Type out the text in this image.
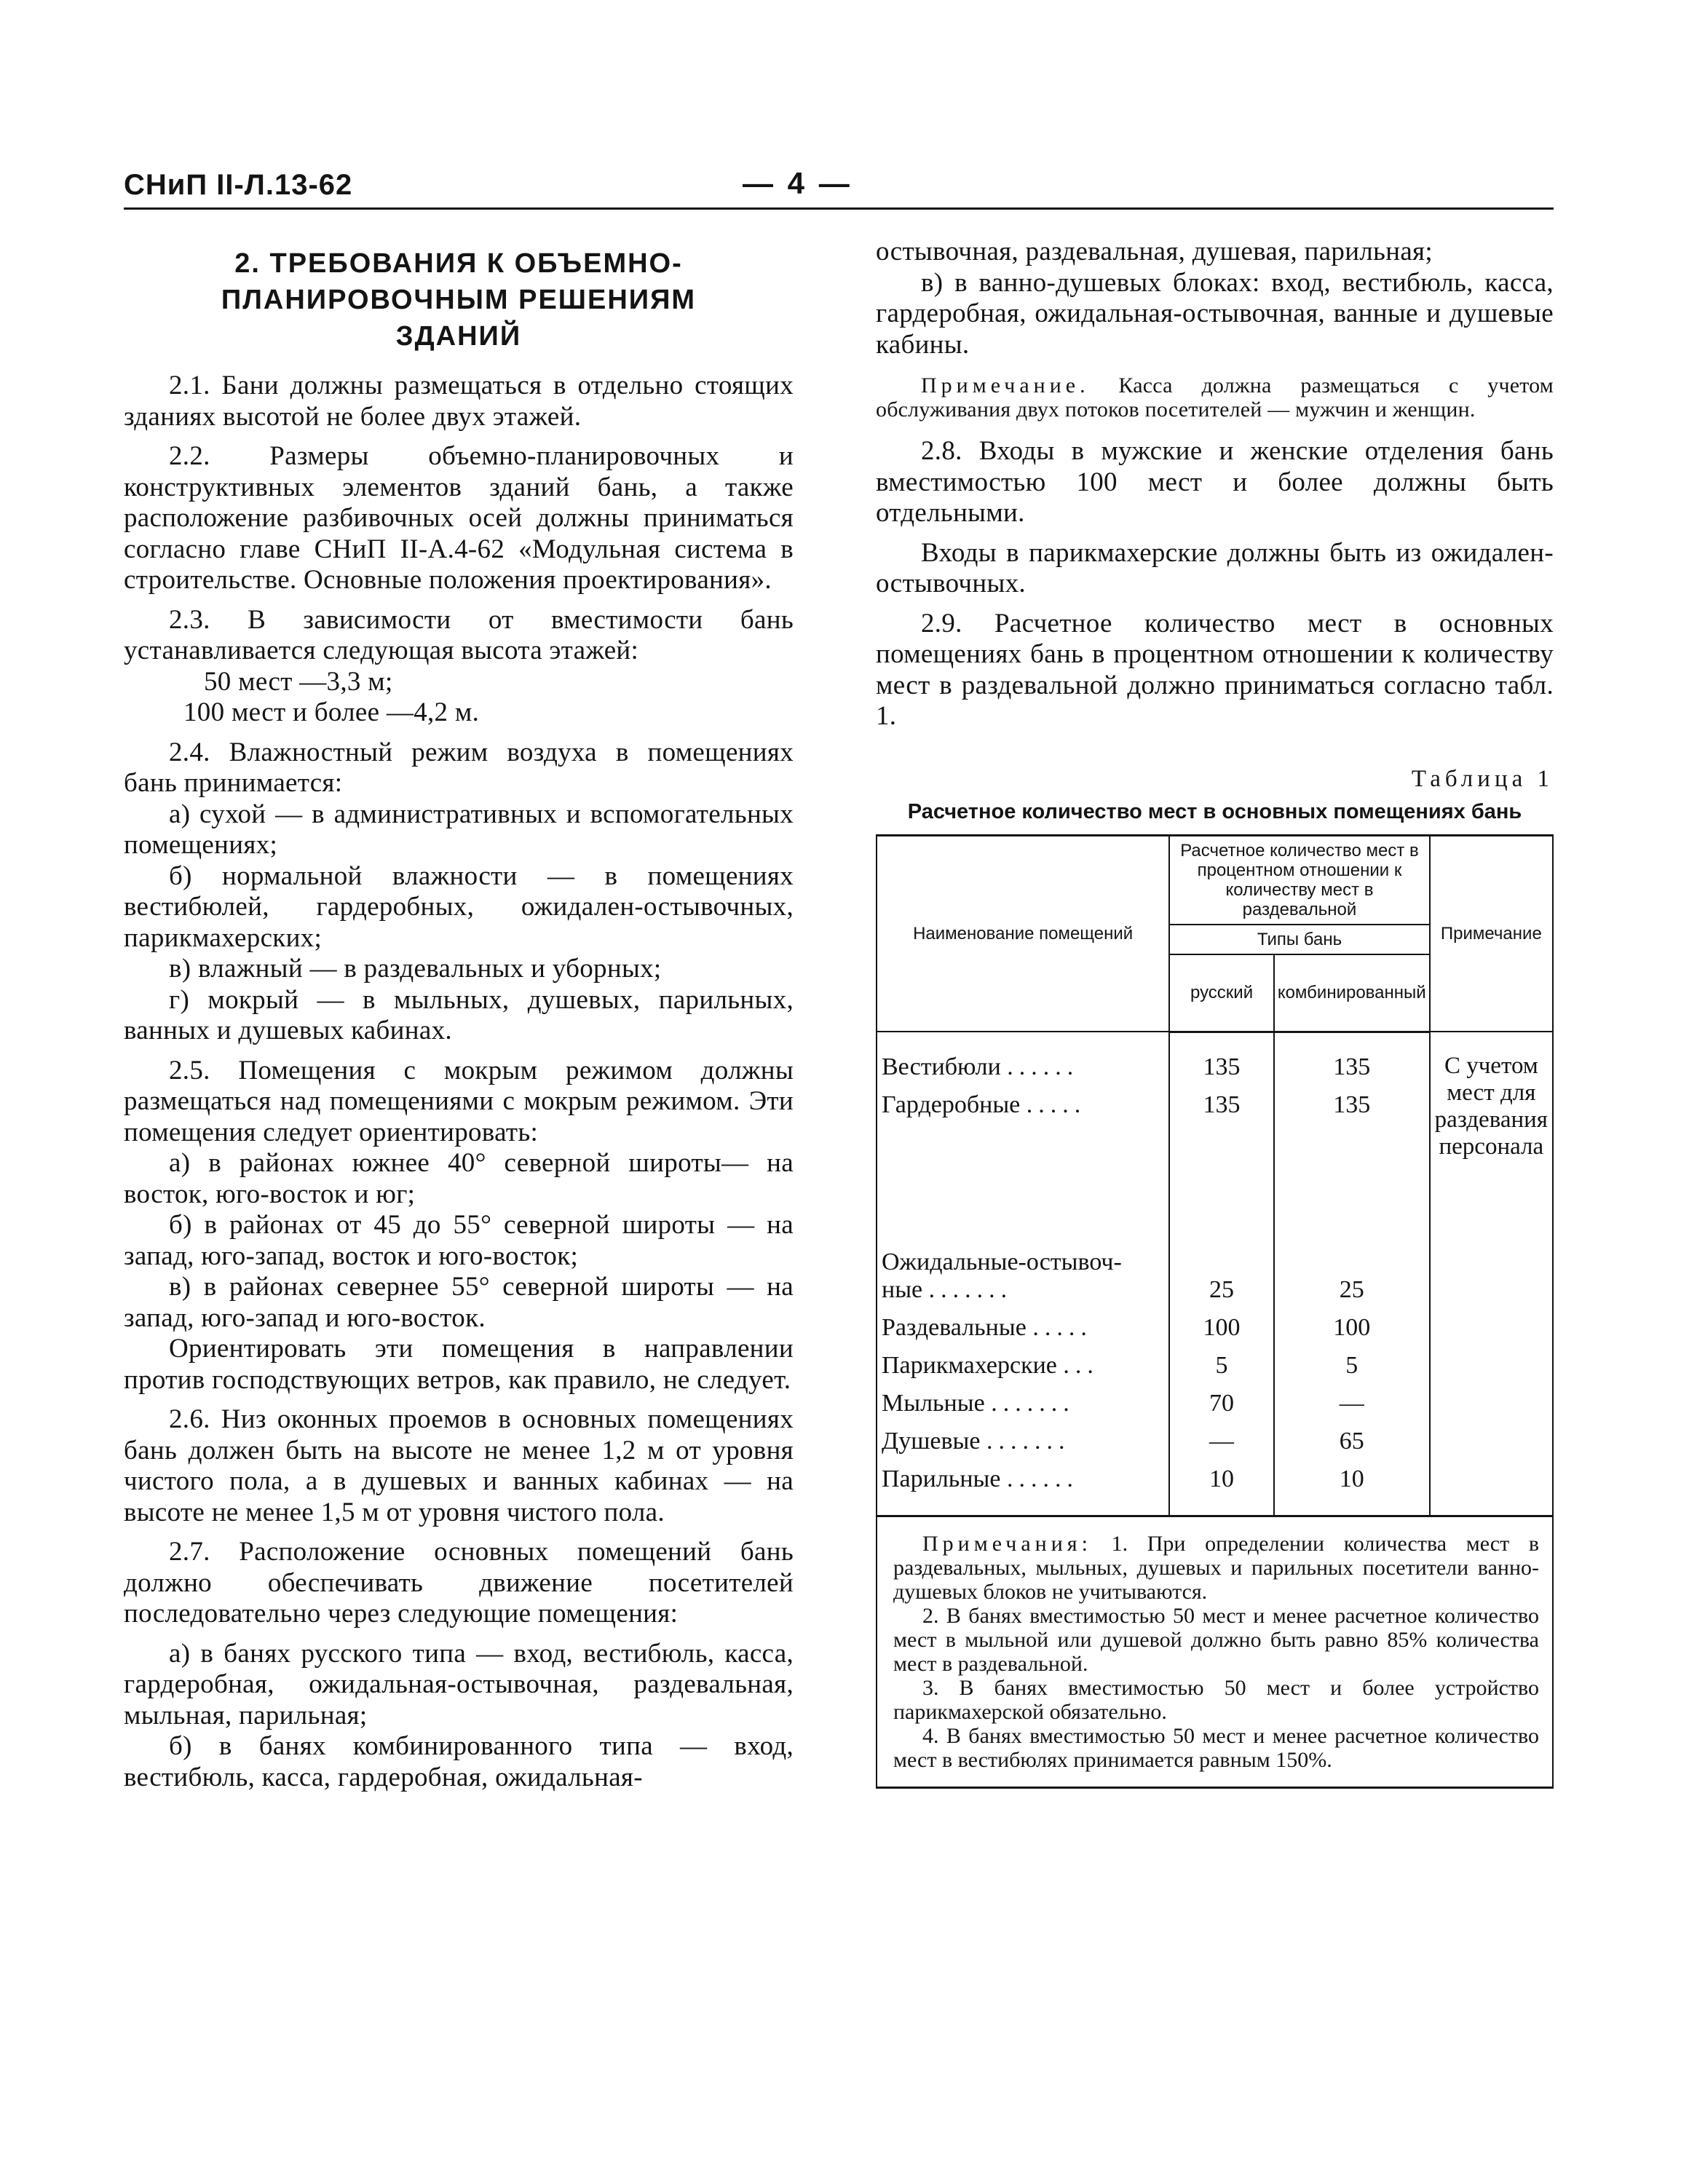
СНиП II-Л.13-62	— 4 —
2. ТРЕБОВАНИЯ К ОБЪЕМНО-
ПЛАНИРОВОЧНЫМ РЕШЕНИЯМ
ЗДАНИЙ

2.1. Бани должны размещаться в отдельно стоящих зданиях высотой не более двух этажей.

2.2. Размеры объемно-планировочных и конструктивных элементов зданий бань, а также расположение разбивочных осей должны приниматься согласно главе СНиП II-А.4-62 «Модульная система в строительстве. Основные положения проектирования».

2.3. В зависимости от вместимости бань устанавливается следующая высота этажей:

50 мест —3,3 м;

100 мест и более —4,2 м.

2.4. Влажностный режим воздуха в помещениях бань принимается:

а) сухой — в административных и вспомогательных помещениях;

б) нормальной влажности — в помещениях вестибюлей, гардеробных, ожидален-остывочных, парикмахерских;

в) влажный — в раздевальных и уборных;

г) мокрый — в мыльных, душевых, парильных, ванных и душевых кабинах.

2.5. Помещения с мокрым режимом должны размещаться над помещениями с мокрым режимом. Эти помещения следует ориентировать:

а) в районах южнее 40° северной широты— на восток, юго-восток и юг;

б) в районах от 45 до 55° северной широты — на запад, юго-запад, восток и юго-восток;

в) в районах севернее 55° северной широты — на запад, юго-запад и юго-восток.

Ориентировать эти помещения в направлении против господствующих ветров, как правило, не следует.

2.6. Низ оконных проемов в основных помещениях бань должен быть на высоте не менее 1,2 м от уровня чистого пола, а в душевых и ванных кабинах — на высоте не менее 1,5 м от уровня чистого пола.

2.7. Расположение основных помещений бань должно обеспечивать движение посетителей последовательно через следующие помещения:

а) в банях русского типа — вход, вестибюль, касса, гардеробная, ожидальная-остывочная, раздевальная, мыльная, парильная;

б) в банях комбинированного типа — вход, вестибюль, касса, гардеробная, ожидальная-

остывочная, раздевальная, душевая, парильная;

в) в ванно-душевых блоках: вход, вестибюль, касса, гардеробная, ожидальная-остывочная, ванные и душевые кабины.

Примечание. Касса должна размещаться с учетом обслуживания двух потоков посетителей — мужчин и женщин.

2.8. Входы в мужские и женские отделения бань вместимостью 100 мест и более должны быть отдельными.

Входы в парикмахерские должны быть из ожидален-остывочных.

2.9. Расчетное количество мест в основных помещениях бань в процентном отношении к количеству мест в раздевальной должно приниматься согласно табл. 1.

Таблица 1
Расчетное количество мест в основных помещениях бань
Наименование помещений	Расчетное количество мест в процентном отношении к количеству мест в раздевальной		Примечание
	Типы бань		
	русский	комбинированный	
Вестибюли ......	135	135	С учетом мест для раздевания персонала
Гардеробные .....	135	135	

Ожидальные-остывоч-
ные .......	25	25	
Раздевальные .....	100	100	
Парикмахерские ...	5	5	
Мыльные .......	70	—	
Душевые .......	—	65	
Парильные ......	10	10	

Примечания: 1. При определении количества мест в раздевальных, мыльных, душевых и парильных посетители ванно-душевых блоков не учитываются.

2. В банях вместимостью 50 мест и менее расчетное количество мест в мыльной или душевой должно быть равно 85% количества мест в раздевальной.

3. В банях вместимостью 50 мест и более устройство парикмахерской обязательно.

4. В банях вместимостью 50 мест и менее расчетное количество мест в вестибюлях принимается равным 150%.			
